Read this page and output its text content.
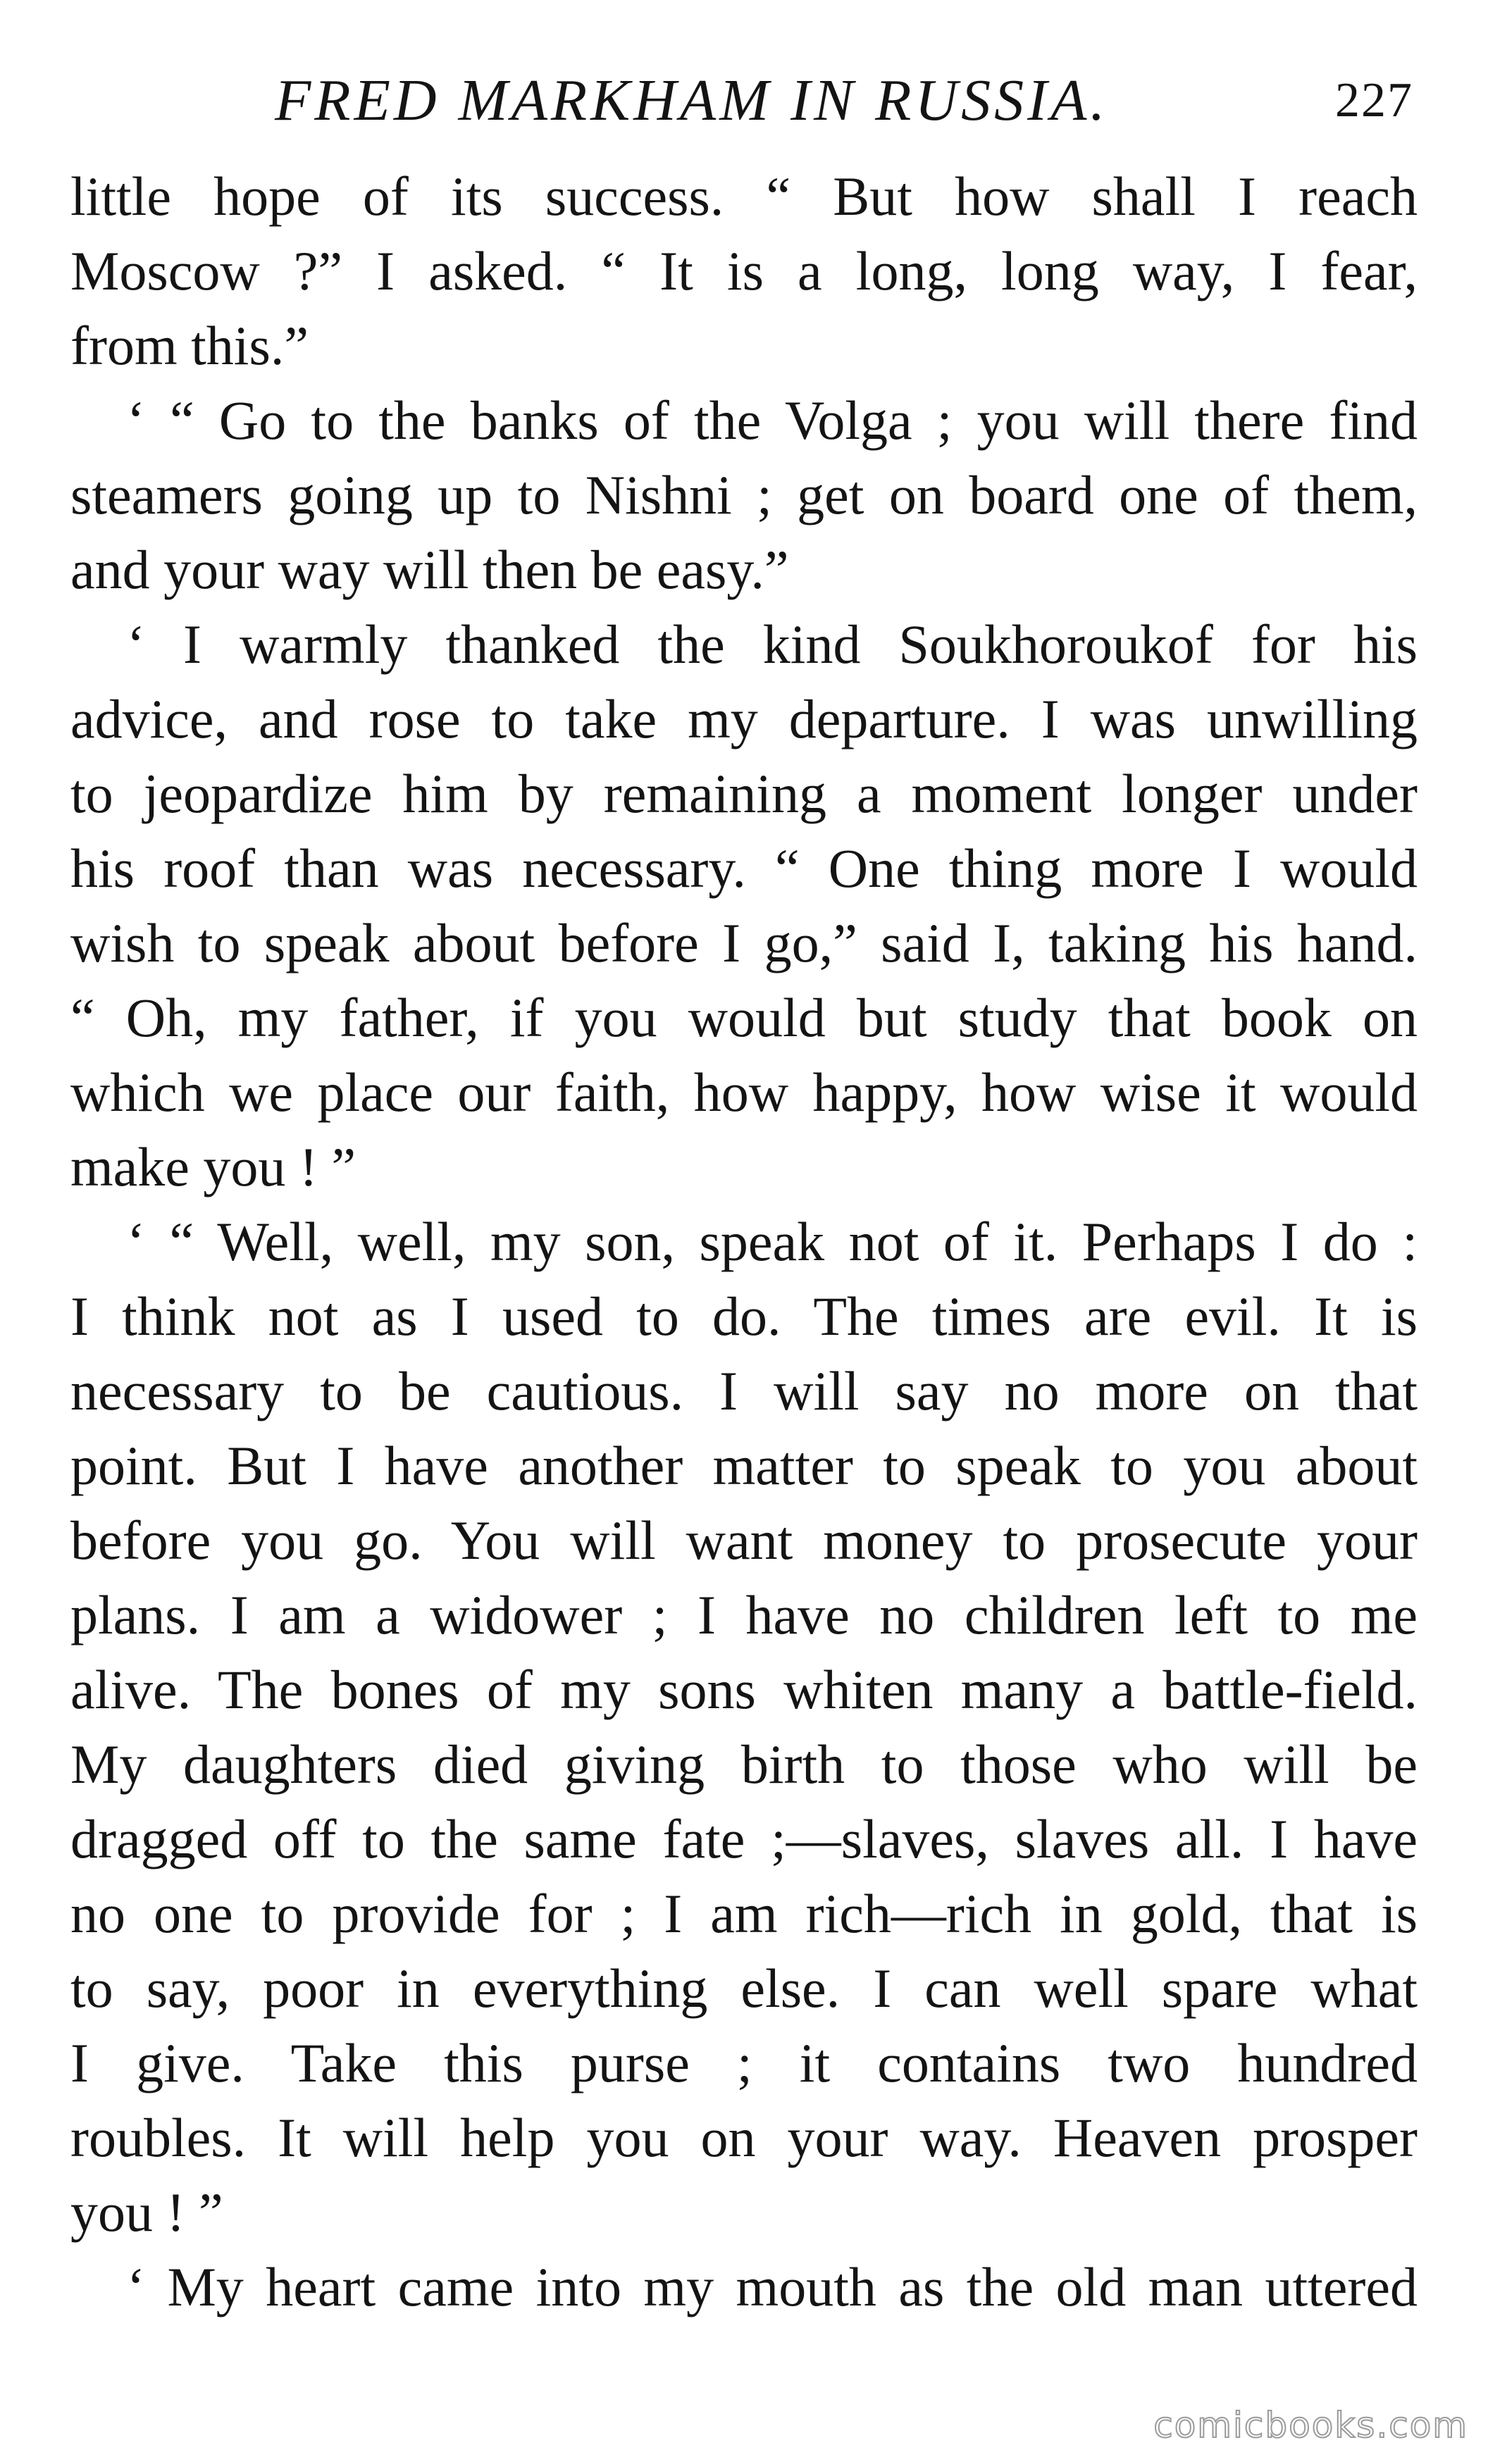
FRED MARKHAM IN RUSSIA.	227
little hope of its success. “ But how shall I reach
Moscow ?” I asked. “ It is a long, long way, I fear,
from this.”
‘ “ Go to the banks of the Volga ; you will there find
steamers going up to Nishni ; get on board one of them,
and your way will then be easy.”
‘ I warmly thanked the kind Soukhoroukof for his
advice, and rose to take my departure. I was unwilling
to jeopardize him by remaining a moment longer under
his roof than was necessary. “ One thing more I would
wish to speak about before I go,” said I, taking his hand.
“ Oh, my father, if you would but study that book on
which we place our faith, how happy, how wise it would
make you ! ”
‘ “ Well, well, my son, speak not of it. Perhaps I do :
I think not as I used to do. The times are evil. It is
necessary to be cautious. I will say no more on that
point. But I have another matter to speak to you about
before you go. You will want money to prosecute your
plans. I am a widower ; I have no children left to me
alive. The bones of my sons whiten many a battle-field.
My daughters died giving birth to those who will be
dragged off to the same fate ;—slaves, slaves all. I have
no one to provide for ; I am rich—rich in gold, that is
to say, poor in everything else. I can well spare what
I give. Take this purse ; it contains two hundred
roubles. It will help you on your way. Heaven prosper
you ! ”
‘ My heart came into my mouth as the old man uttered
comicbooks.com
